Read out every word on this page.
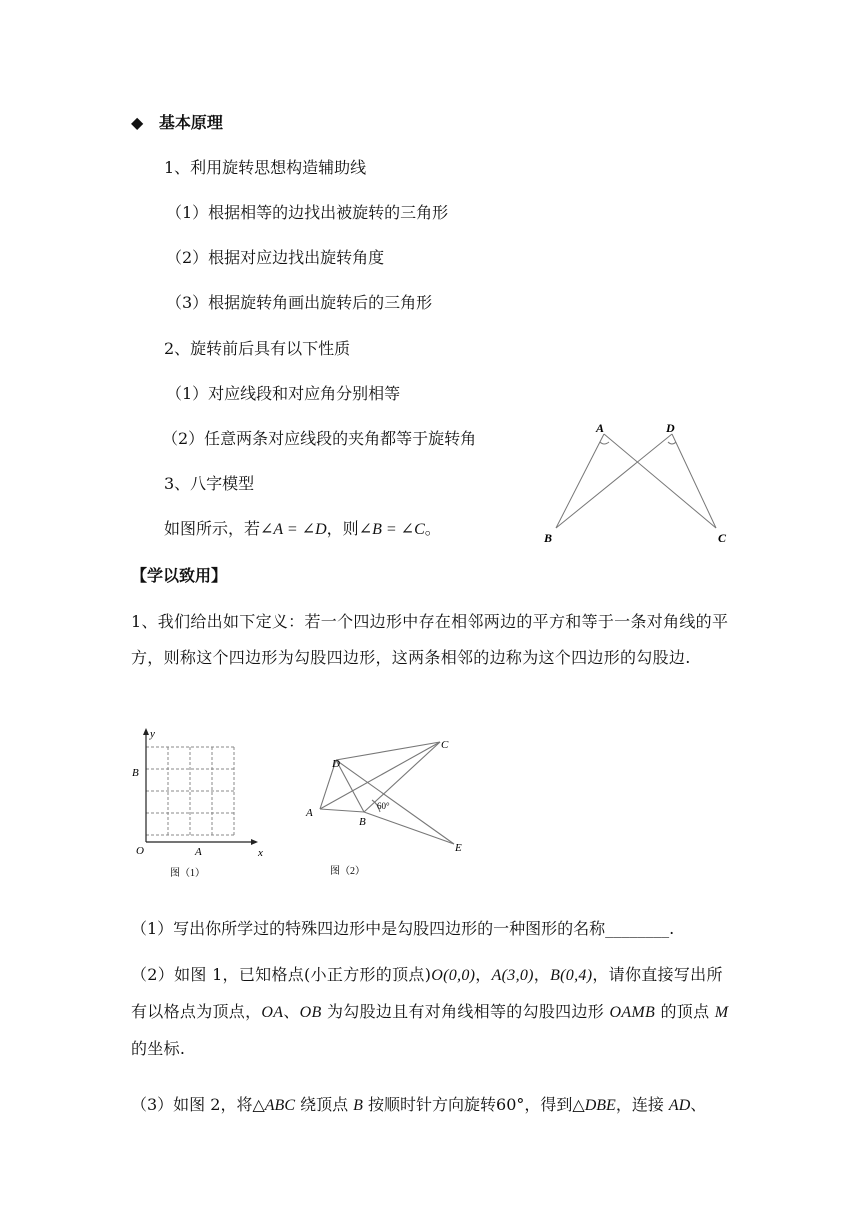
◆ 基本原理
1、利用旋转思想构造辅助线
（1）根据相等的边找出被旋转的三角形
（2）根据对应边找出旋转角度
（3）根据旋转角画出旋转后的三角形
2、旋转前后具有以下性质
（1）对应线段和对应角分别相等
（2）任意两条对应线段的夹角都等于旋转角
3、八字模型
如图所示，若∠A = ∠D，则∠B = ∠C。
A	D
B	C
【学以致用】
1、我们给出如下定义：若一个四边形中存在相邻两边的平方和等于一条对角线的平方，则称这个四边形为勾股四边形，这两条相邻的边称为这个四边形的勾股边.
y
x
B
O	A
图（1）
A
D
B
C
E
60°
图（2）
（1）写出你所学过的特殊四边形中是勾股四边形的一种图形的名称________.
（2）如图 1，已知格点(小正方形的顶点)O(0,0)，A(3,0)，B(0,4)，请你直接写出所有以格点为顶点，OA、OB 为勾股边且有对角线相等的勾股四边形 OAMB 的顶点 M 的坐标.
（3）如图 2，将△ABC 绕顶点 B 按顺时针方向旋转60°，得到△DBE，连接 AD、
